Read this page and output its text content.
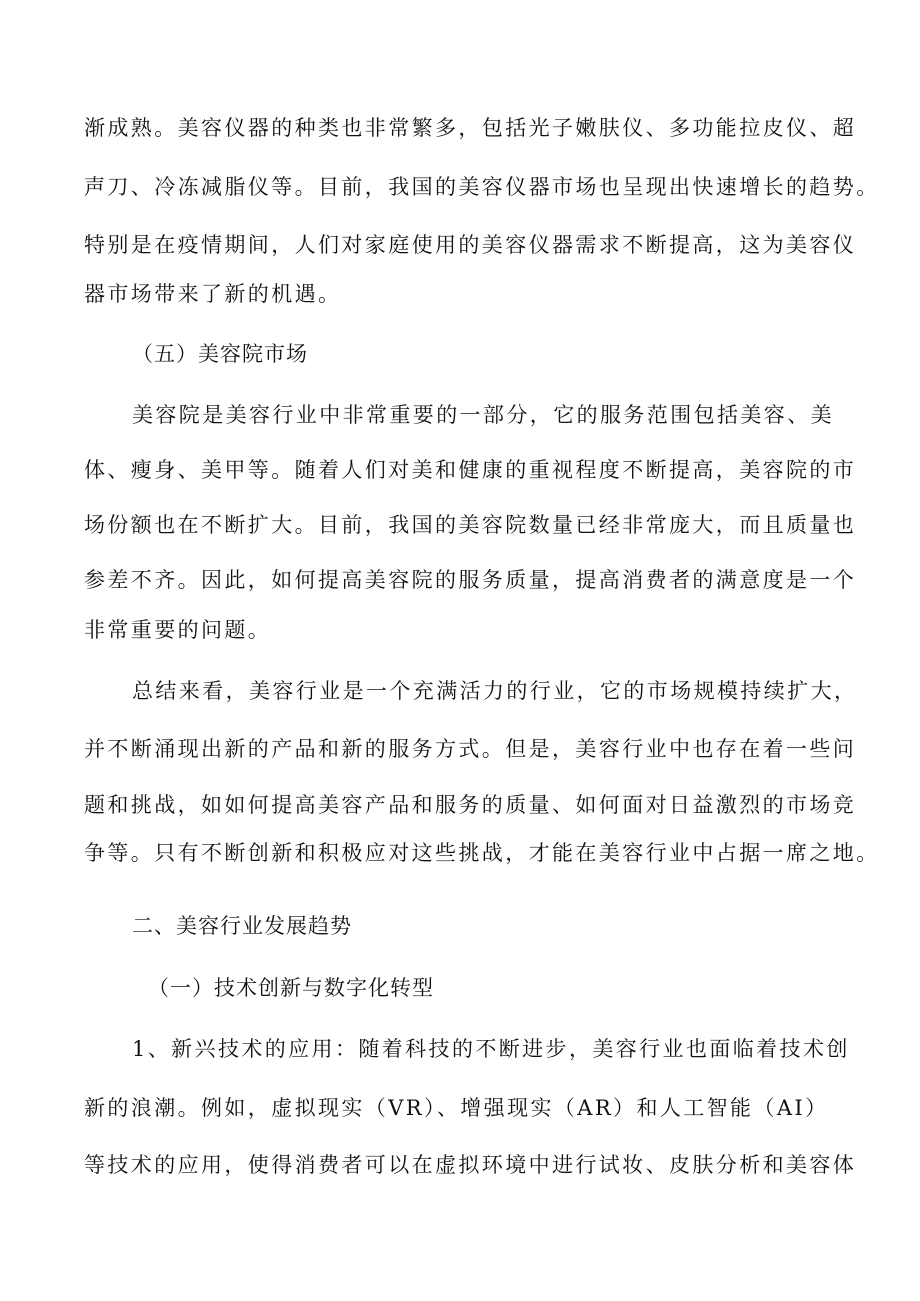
渐成熟。美容仪器的种类也非常繁多，包括光子嫩肤仪、多功能拉皮仪、超
声刀、冷冻减脂仪等。目前，我国的美容仪器市场也呈现出快速增长的趋势。
特别是在疫情期间，人们对家庭使用的美容仪器需求不断提高，这为美容仪
器市场带来了新的机遇。
（五）美容院市场
美容院是美容行业中非常重要的一部分，它的服务范围包括美容、美
体、瘦身、美甲等。随着人们对美和健康的重视程度不断提高，美容院的市
场份额也在不断扩大。目前，我国的美容院数量已经非常庞大，而且质量也
参差不齐。因此，如何提高美容院的服务质量，提高消费者的满意度是一个
非常重要的问题。
总结来看，美容行业是一个充满活力的行业，它的市场规模持续扩大，
并不断涌现出新的产品和新的服务方式。但是，美容行业中也存在着一些问
题和挑战，如如何提高美容产品和服务的质量、如何面对日益激烈的市场竞
争等。只有不断创新和积极应对这些挑战，才能在美容行业中占据一席之地。
二、美容行业发展趋势
（一）技术创新与数字化转型
1、新兴技术的应用：随着科技的不断进步，美容行业也面临着技术创
新的浪潮。例如，虚拟现实（VR）、增强现实（AR）和人工智能（AI）
等技术的应用，使得消费者可以在虚拟环境中进行试妆、皮肤分析和美容体
